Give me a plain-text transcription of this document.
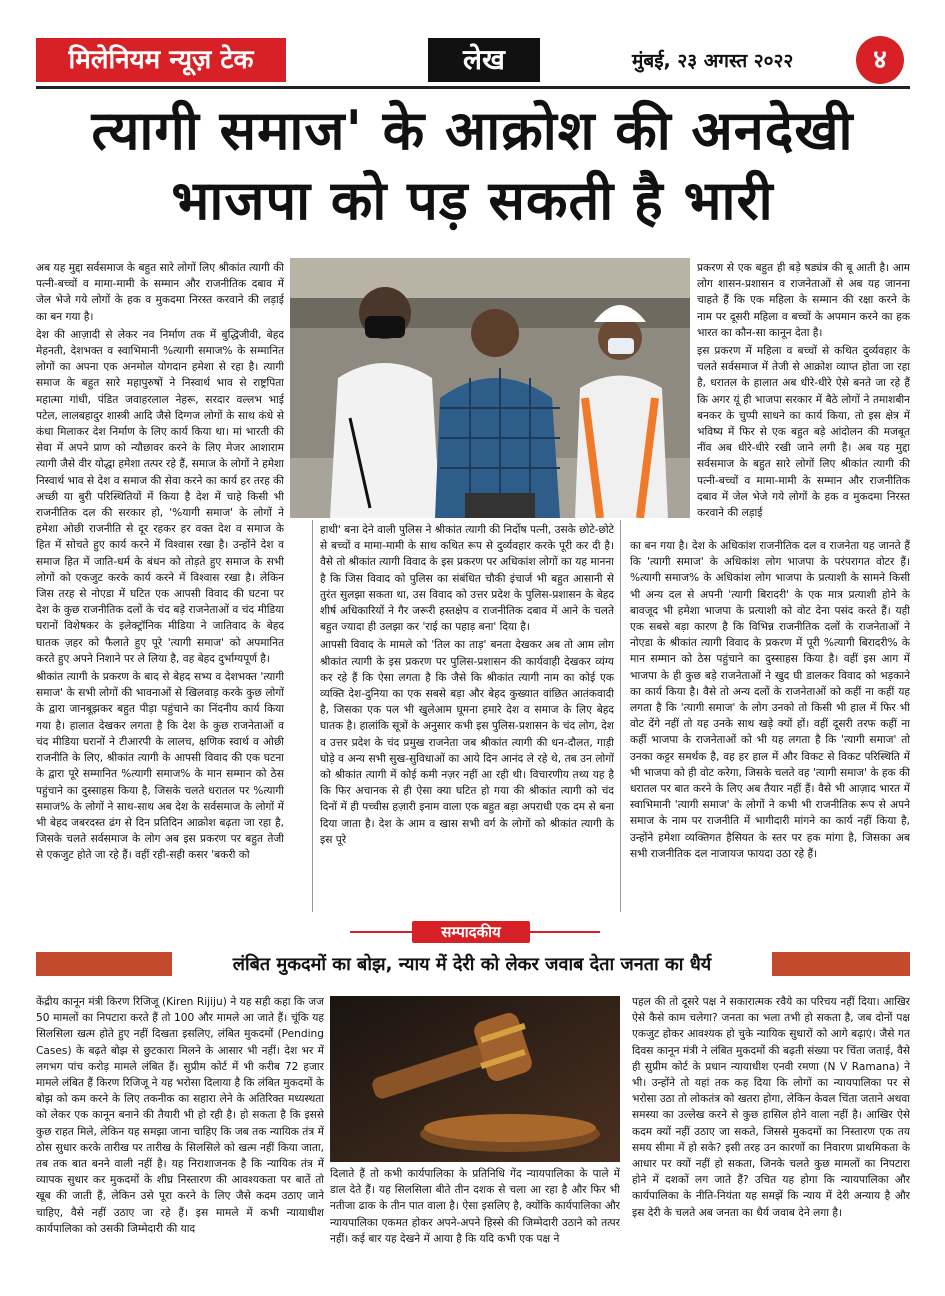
मिलेनियम न्यूज़ टेक	लेख	मुंबई, २३ अगस्त २०२२	४
त्यागी समाज' के आक्रोश की अनदेखी
भाजपा को पड़ सकती है भारी

अब यह मुद्दा सर्वसमाज के बहुत सारे लोगों लिए श्रीकांत त्यागी की पत्नी-बच्चों व मामा-मामी के सम्मान और राजनीतिक दबाव में जेल भेजे गये लोगों के हक व मुकदमा निरस्त करवाने की लड़ाई का बन गया है।

देश की आज़ादी से लेकर नव निर्माण तक में बुद्धिजीवी, बेहद मेहनती, देशभक्त व स्वाभिमानी %त्यागी समाज% के सम्मानित लोगों का अपना एक अनमोल योगदान हमेशा से रहा है। त्यागी समाज के बहुत सारे महापुरुषों ने निस्वार्थ भाव से राष्ट्रपिता महात्मा गांधी, पंडित जवाहरलाल नेहरू, सरदार वल्लभ भाई पटेल, लालबहादुर शास्त्री आदि जैसे दिग्गज लोगों के साथ कंधे से कंधा मिलाकर देश निर्माण के लिए कार्य किया था। मां भारती की सेवा में अपने प्राण को न्यौछावर करने के लिए मेजर आशाराम त्यागी जैसे वीर योद्धा हमेशा तत्पर रहे हैं, समाज के लोगों ने हमेशा निस्वार्थ भाव से देश व समाज की सेवा करने का कार्य हर तरह की अच्छी या बुरी परिस्थितियों में किया है देश में चाहे किसी भी राजनीतिक दल की सरकार हो, '%यागी समाज' के लोगों ने हमेशा ओछी राजनीति से दूर रहकर हर वक्त देश व समाज के हित में सोचते हुए कार्य करने में विश्वास रखा है। उन्होंने देश व समाज हित में जाति-धर्म के बंधन को तोड़ते हुए समाज के सभी लोगों को एकजुट करके कार्य करने में विश्वास रखा है। लेकिन जिस तरह से नोएडा में घटित एक आपसी विवाद की घटना पर देश के कुछ राजनीतिक दलों के चंद बड़े राजनेताओं व चंद मीडिया घरानों विशेषकर के इलेक्ट्रॉनिक मीडिया ने जातिवाद के बेहद घातक ज़हर को फैलाते हुए पूरे 'त्यागी समाज' को अपमानित करते हुए अपने निशाने पर ले लिया है, वह बेहद दुर्भाग्यपूर्ण है।

श्रीकांत त्यागी के प्रकरण के बाद से बेहद सभ्य व देशभक्त 'त्यागी समाज' के सभी लोगों की भावनाओं से खिलवाड़ करके कुछ लोगों के द्वारा जानबूझकर बहुत पीड़ा पहुंचाने का निंदनीय कार्य किया गया है। हालात देखकर लगता है कि देश के कुछ राजनेताओं व चंद मीडिया घरानों ने टीआरपी के लालच, क्षणिक स्वार्थ व ओछी राजनीति के लिए, श्रीकांत त्यागी के आपसी विवाद की एक घटना के द्वारा पूरे सम्मानित %त्यागी समाज% के मान सम्मान को ठेस पहुंचाने का दुस्साहस किया है, जिसके चलते धरातल पर %त्यागी समाज% के लोगों ने साथ-साथ अब देश के सर्वसमाज के लोगों में भी बेहद जबरदस्त ढंग से दिन प्रतिदिन आक्रोश बढ़ता जा रहा है, जिसके चलते सर्वसमाज के लोग अब इस प्रकरण पर बहुत तेजी से एकजुट होते जा रहे हैं। वहीं रही-सही कसर 'बकरी को

हाथी' बना देने वाली पुलिस ने श्रीकांत त्यागी की निर्दोष पत्नी, उसके छोटे-छोटे से बच्चों व मामा-मामी के साथ कथित रूप से दुर्व्यवहार करके पूरी कर दी है। वैसे तो श्रीकांत त्यागी विवाद के इस प्रकरण पर अधिकांश लोगों का यह मानना है कि जिस विवाद को पुलिस का संबंधित चौकी इंचार्ज भी बहुत आसानी से तुरंत सुलझा सकता था, उस विवाद को उत्तर प्रदेश के पुलिस-प्रशासन के बेहद शीर्ष अधिकारियों ने गैर जरूरी हस्तक्षेप व राजनीतिक दबाव में आने के चलते बहुत ज्यादा ही उलझा कर 'राई का पहाड़ बना' दिया है।

आपसी विवाद के मामले को 'तिल का ताड़' बनता देखकर अब तो आम लोग श्रीकांत त्यागी के इस प्रकरण पर पुलिस-प्रशासन की कार्यवाही देखकर व्यंग्य कर रहे हैं कि ऐसा लगता है कि जैसे कि श्रीकांत त्यागी नाम का कोई एक व्यक्ति देश-दुनिया का एक सबसे बड़ा और बेहद कुख्यात वांछित आतंकवादी है, जिसका एक पल भी खुलेआम घूमना हमारे देश व समाज के लिए बेहद घातक है। हालांकि सूत्रों के अनुसार कभी इस पुलिस-प्रशासन के चंद लोग, देश व उत्तर प्रदेश के चंद प्रमुख राजनेता जब श्रीकांत त्यागी की धन-दौलत, गाड़ी घोड़े व अन्य सभी सुख-सुविधाओं का आये दिन आनंद ले रहे थे, तब उन लोगों को श्रीकांत त्यागी में कोई कमी नज़र नहीं आ रही थी। विचारणीय तथ्य यह है कि फिर अचानक से ही ऐसा क्या घटित हो गया की श्रीकांत त्यागी को चंद दिनों में ही पच्चीस हज़ारी इनाम वाला एक बहुत बड़ा अपराधी एक दम से बना दिया जाता है। देश के आम व खास सभी वर्ग के लोगों को श्रीकांत त्यागी के इस पूरे

प्रकरण से एक बहुत ही बड़े षड्यंत्र की बू आती है। आम लोग शासन-प्रशासन व राजनेताओं से अब यह जानना चाहते हैं कि एक महिला के सम्मान की रक्षा करने के नाम पर दूसरी महिला व बच्चों के अपमान करने का हक भारत का कौन-सा कानून देता है।

इस प्रकरण में महिला व बच्चों से कथित दुर्व्यवहार के चलते सर्वसमाज में तेजी से आक्रोश व्याप्त होता जा रहा है, धरातल के हालात अब धीरे-धीरे ऐसे बनते जा रहे हैं कि अगर यूं ही भाजपा सरकार में बैठे लोगों ने तमाशबीन बनकर के चुप्पी साधने का कार्य किया, तो इस क्षेत्र में भविष्य में फिर से एक बहुत बड़े आंदोलन की मजबूत नींव अब धीरे-धीरे रखी जाने लगी है। अब यह मुद्दा सर्वसमाज के बहुत सारे लोगों लिए श्रीकांत त्यागी की पत्नी-बच्चों व मामा-मामी के सम्मान और राजनीतिक दबाव में जेल भेजे गये लोगों के हक व मुकदमा निरस्त करवाने की लड़ाई

का बन गया है। देश के अधिकांश राजनीतिक दल व राजनेता यह जानते हैं कि 'त्यागी समाज' के अधिकांश लोग भाजपा के परंपरागत वोटर हैं। %त्यागी समाज% के अधिकांश लोग भाजपा के प्रत्याशी के सामने किसी भी अन्य दल से अपनी 'त्यागी बिरादरी' के एक मात्र प्रत्याशी होने के बावजूद भी हमेशा भाजपा के प्रत्याशी को वोट देना पसंद करते हैं। यही एक सबसे बड़ा कारण है कि विभिन्न राजनीतिक दलों के राजनेताओं ने नोएडा के श्रीकांत त्यागी विवाद के प्रकरण में पूरी %त्यागी बिरादरी% के मान सम्मान को ठेस पहुंचाने का दुस्साहस किया है। वहीं इस आग में भाजपा के ही कुछ बड़े राजनेताओं ने खुद घी डालकर विवाद को भड़काने का कार्य किया है। वैसे तो अन्य दलों के राजनेताओं को कहीं ना कहीं यह लगता है कि 'त्यागी समाज' के लोग उनको तो किसी भी हाल में फिर भी वोट देंगे नहीं तो यह उनके साथ खड़े क्यों हों। वहीं दूसरी तरफ कहीं ना कहीं भाजपा के राजनेताओं को भी यह लगता है कि 'त्यागी समाज' तो उनका कट्टर समर्थक है, वह हर हाल में और विकट से विकट परिस्थिति में भी भाजपा को ही वोट करेगा, जिसके चलते वह 'त्यागी समाज' के हक की धरातल पर बात करने के लिए अब तैयार नहीं हैं। वैसे भी आज़ाद भारत में स्वाभिमानी 'त्यागी समाज' के लोगों ने कभी भी राजनीतिक रूप से अपने समाज के नाम पर राजनीति में भागीदारी मांगने का कार्य नहीं किया है, उन्होंने हमेशा व्यक्तिगत हैसियत के स्तर पर हक मांगा है, जिसका अब सभी राजनीतिक दल नाजायज फायदा उठा रहे हैं।

सम्पादकीय
लंबित मुकदमों का बोझ, न्याय में देरी को लेकर जवाब देता जनता का धैर्य

केंद्रीय कानून मंत्री किरण रिजिजू (Kiren Rijiju) ने यह सही कहा कि जज 50 मामलों का निपटारा करते हैं तो 100 और मामले आ जाते हैं। चूंकि यह सिलसिला खत्म होते हुए नहीं दिखता इसलिए, लंबित मुकदमों (Pending Cases) के बढ़ते बोझ से छुटकारा मिलने के आसार भी नहीं। देश भर में लगभग पांच करोड़ मामले लंबित हैं। सुप्रीम कोर्ट में भी करीब 72 हजार मामले लंबित हैं किरण रिजिजू ने यह भरोसा दिलाया है कि लंबित मुकदमों के बोझ को कम करने के लिए तकनीक का सहारा लेने के अतिरिक्त मध्यस्थता को लेकर एक कानून बनाने की तैयारी भी हो रही है। हो सकता है कि इससे कुछ राहत मिले, लेकिन यह समझा जाना चाहिए कि जब तक न्यायिक तंत्र में ठोस सुधार करके तारीख पर तारीख के सिलसिले को खत्म नहीं किया जाता, तब तक बात बनने वाली नहीं है। यह निराशाजनक है कि न्यायिक तंत्र में व्यापक सुधार कर मुकदमों के शीघ्र निस्तारण की आवश्यकता पर बातें तो खूब की जाती हैं, लेकिन उसे पूरा करने के लिए जैसे कदम उठाए जाने चाहिए, वैसे नहीं उठाए जा रहे हैं। इस मामले में कभी न्यायाधीश कार्यपालिका को उसकी जिम्मेदारी की याद

दिलाते हैं तो कभी कार्यपालिका के प्रतिनिधि गेंद न्यायपालिका के पाले में डाल देते हैं। यह सिलसिला बीते तीन दशक से चला आ रहा है और फिर भी नतीजा ढाक के तीन पात वाला है। ऐसा इसलिए है, क्योंकि कार्यपालिका और न्यायपालिका एकमत होकर अपने-अपने हिस्से की जिम्मेदारी उठाने को तत्पर नहीं। कई बार यह देखने में आया है कि यदि कभी एक पक्ष ने

पहल की तो दूसरे पक्ष ने सकारात्मक रवैये का परिचय नहीं दिया। आखिर ऐसे कैसे काम चलेगा? जनता का भला तभी हो सकता है, जब दोनों पक्ष एकजुट होकर आवश्यक हो चुके न्यायिक सुधारों को आगे बढ़ाएं। जैसे गत दिवस कानून मंत्री ने लंबित मुकदमों की बढ़ती संख्या पर चिंता जताई, वैसे ही सुप्रीम कोर्ट के प्रधान न्यायाधीश एनवी रमणा (N V Ramana) ने भी। उन्होंने तो यहां तक कह दिया कि लोगों का न्यायपालिका पर से भरोसा उठा तो लोकतंत्र को खतरा होगा, लेकिन केवल चिंता जताने अथवा समस्या का उल्लेख करने से कुछ हासिल होने वाला नहीं है। आखिर ऐसे कदम क्यों नहीं उठाए जा सकते, जिससे मुकदमों का निस्तारण एक तय समय सीमा में हो सके? इसी तरह उन कारणों का निवारण प्राथमिकता के आधार पर क्यों नहीं हो सकता, जिनके चलते कुछ मामलों का निपटारा होने में दशकों लग जाते हैं? उचित यह होगा कि न्यायपालिका और कार्यपालिका के नीति-नियंता यह समझें कि न्याय में देरी अन्याय है और इस देरी के चलते अब जनता का धैर्य जवाब देने लगा है।
